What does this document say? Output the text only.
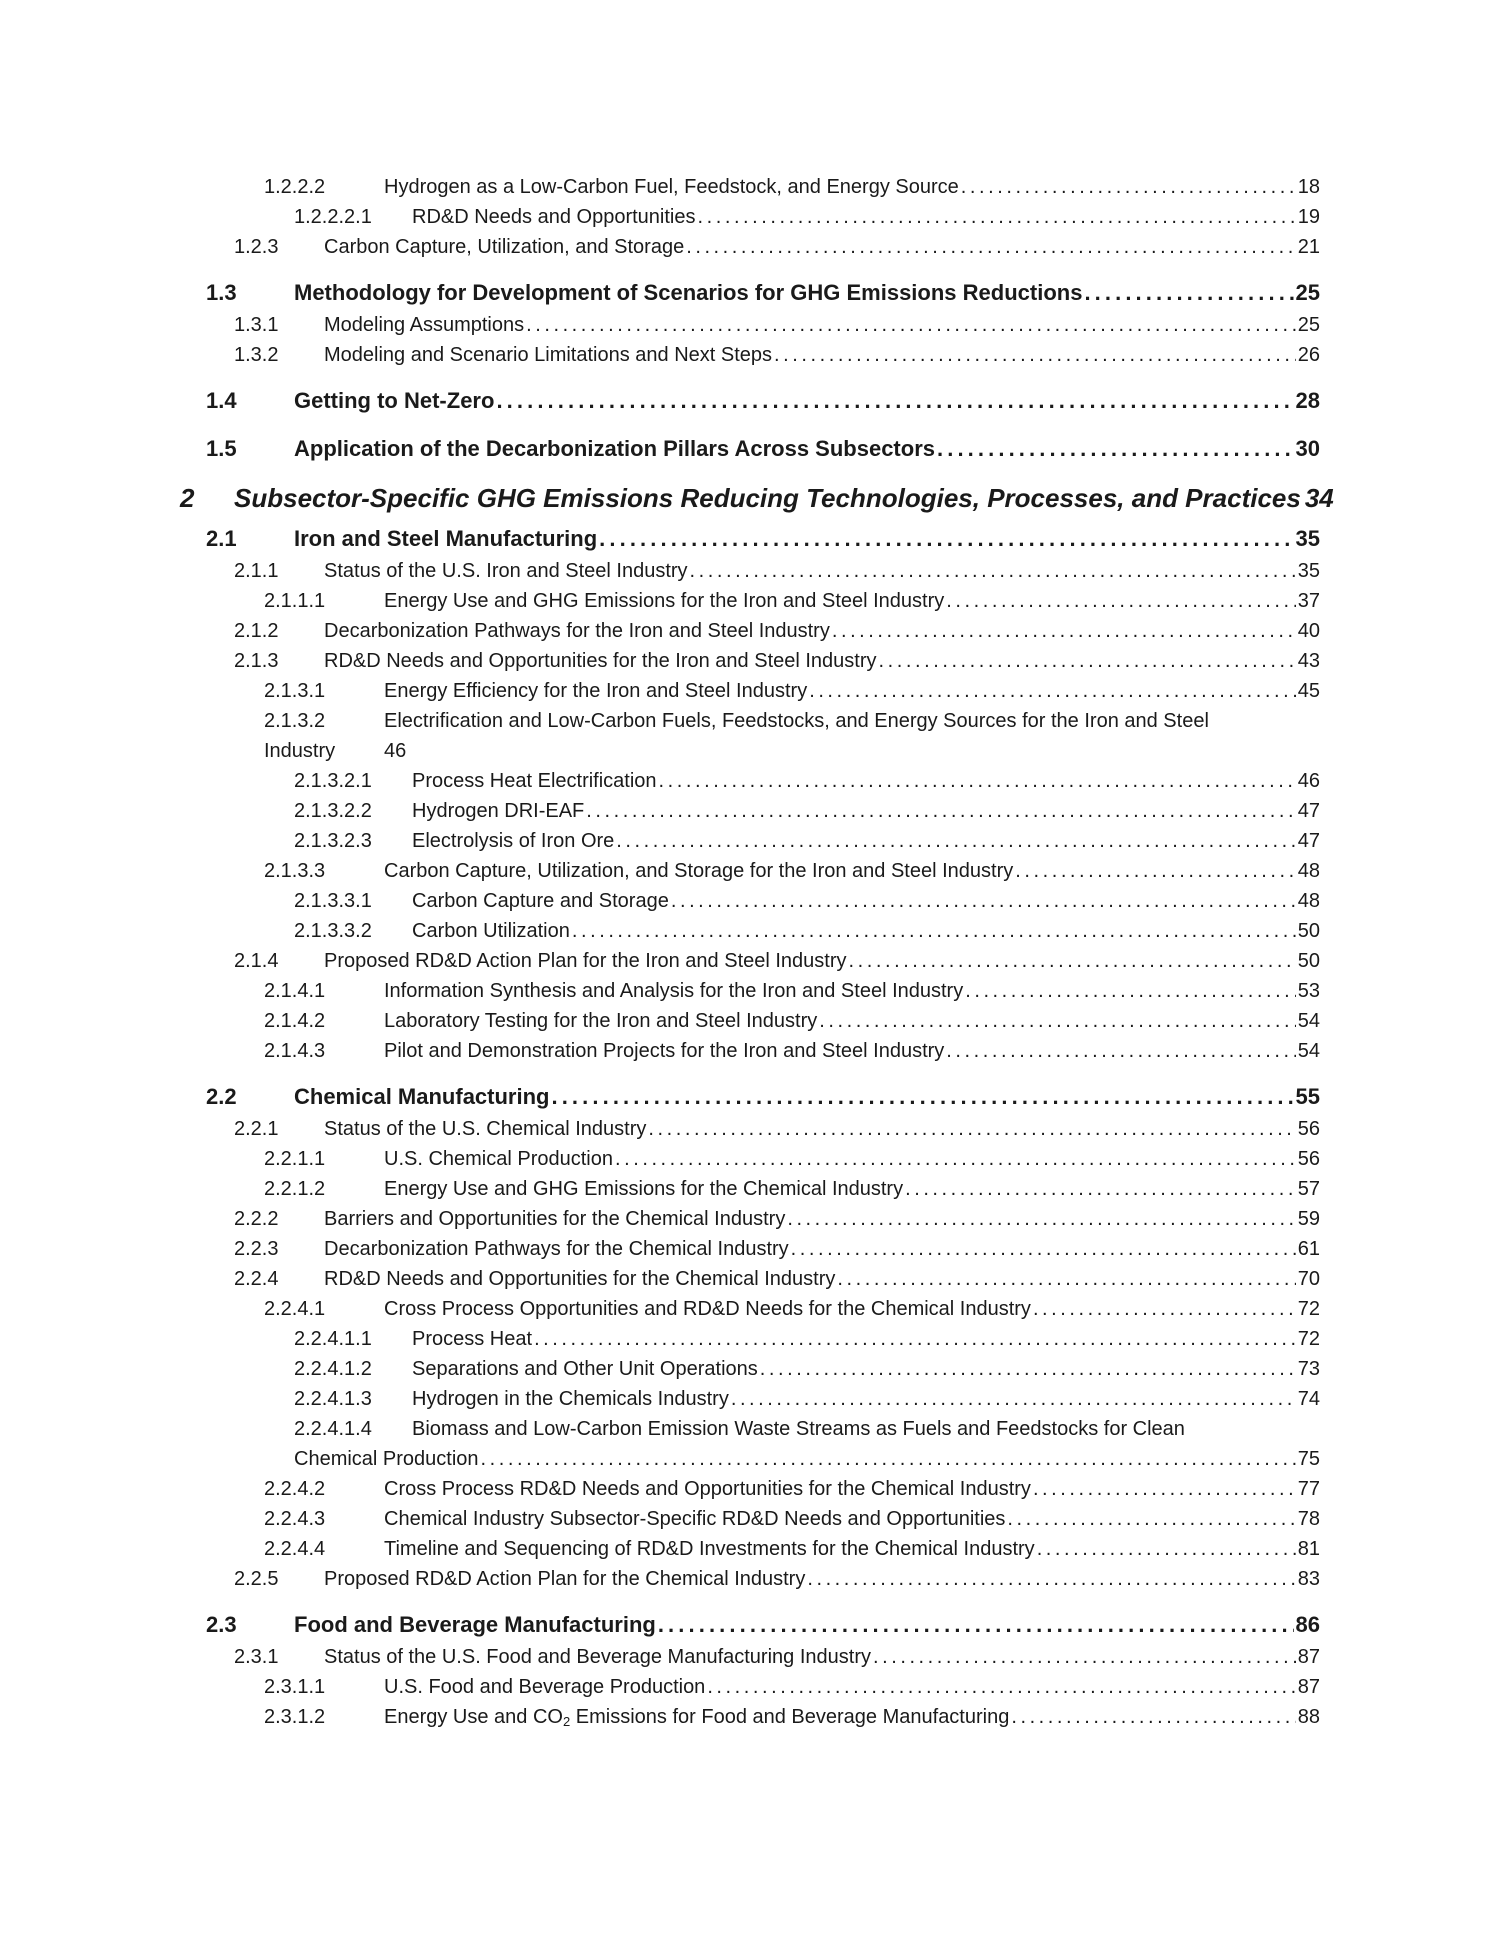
1.2.2.2	Hydrogen as a Low-Carbon Fuel, Feedstock, and Energy Source . . .	18
1.2.2.2.1 RD&D Needs and Opportunities . . .	19
1.2.3 Carbon Capture, Utilization, and Storage . . .	21
1.3	Methodology for Development of Scenarios for GHG Emissions Reductions . . .	25
1.3.1 Modeling Assumptions . . .	25
1.3.2 Modeling and Scenario Limitations and Next Steps . . .	26
1.4	Getting to Net-Zero . . .	28
1.5	Application of the Decarbonization Pillars Across Subsectors . . .	30
2 Subsector-Specific GHG Emissions Reducing Technologies, Processes, and Practices 34
2.1	Iron and Steel Manufacturing . . .	35
2.1.1 Status of the U.S. Iron and Steel Industry . . .	35
2.1.1.1	Energy Use and GHG Emissions for the Iron and Steel Industry . . .	37
2.1.2 Decarbonization Pathways for the Iron and Steel Industry . . .	40
2.1.3 RD&D Needs and Opportunities for the Iron and Steel Industry . . .	43
2.1.3.1	Energy Efficiency for the Iron and Steel Industry . . .	45
2.1.3.2	Electrification and Low-Carbon Fuels, Feedstocks, and Energy Sources for the Iron and Steel
Industry 46
2.1.3.2.1 Process Heat Electrification . . .	46
2.1.3.2.2 Hydrogen DRI-EAF . . .	47
2.1.3.2.3 Electrolysis of Iron Ore . . .	47
2.1.3.3	Carbon Capture, Utilization, and Storage for the Iron and Steel Industry . . .	48
2.1.3.3.1 Carbon Capture and Storage . . .	48
2.1.3.3.2 Carbon Utilization . . .	50
2.1.4 Proposed RD&D Action Plan for the Iron and Steel Industry . . .	50
2.1.4.1	Information Synthesis and Analysis for the Iron and Steel Industry . . .	53
2.1.4.2	Laboratory Testing for the Iron and Steel Industry . . .	54
2.1.4.3	Pilot and Demonstration Projects for the Iron and Steel Industry . . .	54
2.2	Chemical Manufacturing . . .	55
2.2.1 Status of the U.S. Chemical Industry . . .	56
2.2.1.1	U.S. Chemical Production . . .	56
2.2.1.2	Energy Use and GHG Emissions for the Chemical Industry . . .	57
2.2.2 Barriers and Opportunities for the Chemical Industry . . .	59
2.2.3 Decarbonization Pathways for the Chemical Industry . . .	61
2.2.4 RD&D Needs and Opportunities for the Chemical Industry . . .	70
2.2.4.1	Cross Process Opportunities and RD&D Needs for the Chemical Industry . . .	72
2.2.4.1.1 Process Heat . . .	72
2.2.4.1.2 Separations and Other Unit Operations . . .	73
2.2.4.1.3 Hydrogen in the Chemicals Industry . . .	74
2.2.4.1.4 Biomass and Low-Carbon Emission Waste Streams as Fuels and Feedstocks for Clean
Chemical Production . . .	75
2.2.4.2	Cross Process RD&D Needs and Opportunities for the Chemical Industry . . .	77
2.2.4.3	Chemical Industry Subsector-Specific RD&D Needs and Opportunities . . .	78
2.2.4.4	Timeline and Sequencing of RD&D Investments for the Chemical Industry . . .	81
2.2.5 Proposed RD&D Action Plan for the Chemical Industry . . .	83
2.3	Food and Beverage Manufacturing . . .	86
2.3.1 Status of the U.S. Food and Beverage Manufacturing Industry . . .	87
2.3.1.1	U.S. Food and Beverage Production . . .	87
2.3.1.2	Energy Use and $CO_2$ Emissions for Food and Beverage Manufacturing . . .	88
